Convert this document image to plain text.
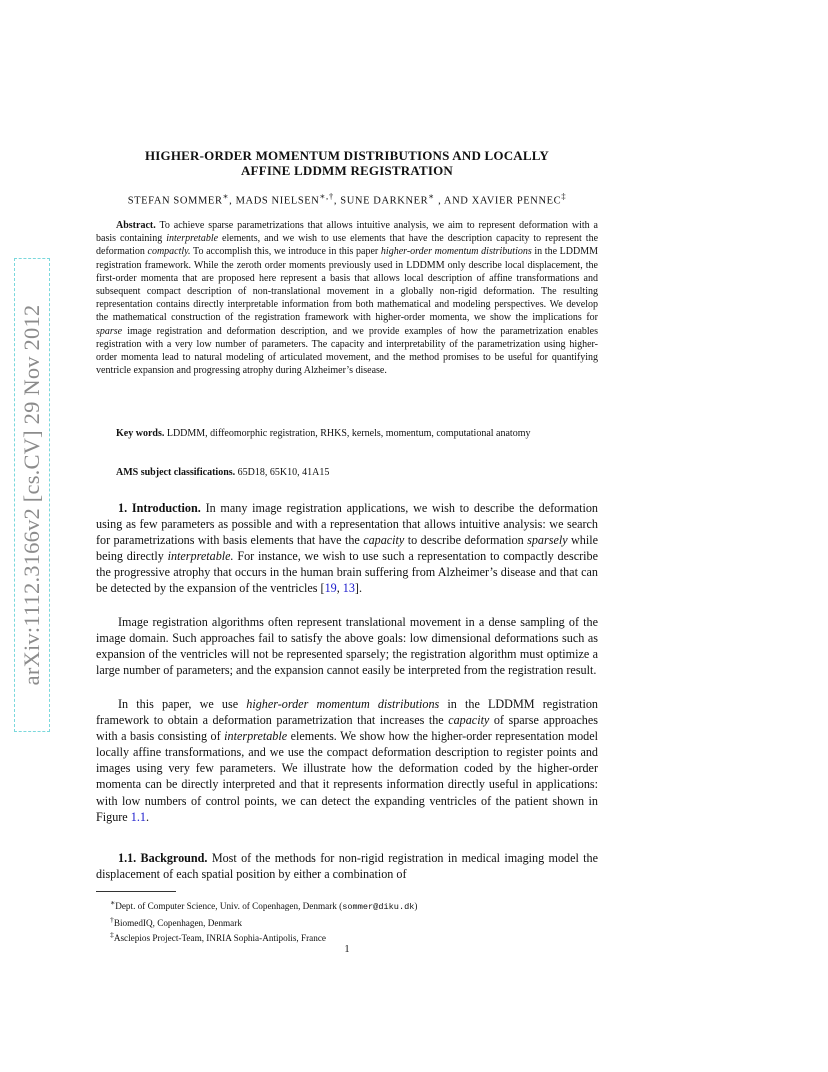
arXiv:1112.3166v2 [cs.CV] 29 Nov 2012
HIGHER-ORDER MOMENTUM DISTRIBUTIONS AND LOCALLY
AFFINE LDDMM REGISTRATION

STEFAN SOMMER∗, MADS NIELSEN∗,†, SUNE DARKNER∗ , AND XAVIER PENNEC‡

Abstract. To achieve sparse parametrizations that allows intuitive analysis, we aim to represent deformation with a basis containing interpretable elements, and we wish to use elements that have the description capacity to represent the deformation compactly. To accomplish this, we introduce in this paper higher-order momentum distributions in the LDDMM registration framework. While the zeroth order moments previously used in LDDMM only describe local displacement, the first-order momenta that are proposed here represent a basis that allows local description of affine transformations and subsequent compact description of non-translational movement in a globally non-rigid deformation. The resulting representation contains directly interpretable information from both mathematical and modeling perspectives. We develop the mathematical construction of the registration framework with higher-order momenta, we show the implications for sparse image registration and deformation description, and we provide examples of how the parametrization enables registration with a very low number of parameters. The capacity and interpretability of the parametrization using higher-order momenta lead to natural modeling of articulated movement, and the method promises to be useful for quantifying ventricle expansion and progressing atrophy during Alzheimer’s disease.

Key words. LDDMM, diffeomorphic registration, RHKS, kernels, momentum, computational anatomy

AMS subject classifications. 65D18, 65K10, 41A15

1. Introduction. In many image registration applications, we wish to describe the deformation using as few parameters as possible and with a representation that allows intuitive analysis: we search for parametrizations with basis elements that have the capacity to describe deformation sparsely while being directly interpretable. For instance, we wish to use such a representation to compactly describe the progressive atrophy that occurs in the human brain suffering from Alzheimer’s disease and that can be detected by the expansion of the ventricles [19, 13].

Image registration algorithms often represent translational movement in a dense sampling of the image domain. Such approaches fail to satisfy the above goals: low dimensional deformations such as expansion of the ventricles will not be represented sparsely; the registration algorithm must optimize a large number of parameters; and the expansion cannot easily be interpreted from the registration result.

In this paper, we use higher-order momentum distributions in the LDDMM registration framework to obtain a deformation parametrization that increases the capacity of sparse approaches with a basis consisting of interpretable elements. We show how the higher-order representation model locally affine transformations, and we use the compact deformation description to register points and images using very few parameters. We illustrate how the deformation coded by the higher-order momenta can be directly interpreted and that it represents information directly useful in applications: with low numbers of control points, we can detect the expanding ventricles of the patient shown in Figure 1.1.

1.1. Background. Most of the methods for non-rigid registration in medical imaging model the displacement of each spatial position by either a combination of

∗Dept. of Computer Science, Univ. of Copenhagen, Denmark (sommer@diku.dk)
†BiomedIQ, Copenhagen, Denmark
‡Asclepios Project-Team, INRIA Sophia-Antipolis, France

1
